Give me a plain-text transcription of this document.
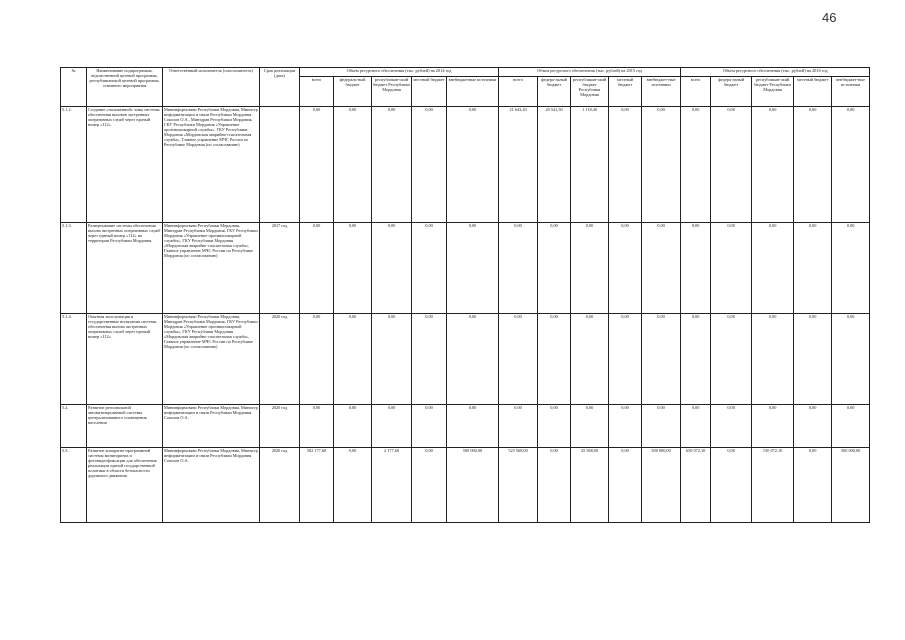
46
№	Наименование подпрограммы, ведомственной целевой программы, республиканской целевой программы, основного мероприятия	Ответственный исполнитель (соисполнитель)	Срок реализации (дата)	Объем ресурсного обеспечения (тыс. рублей) на 2014 год					Объем ресурсного обеспечения (тыс. рублей) на 2015 год					Объем ресурсного обеспечения (тыс. рублей) на 2016 год				
				всего	федераль-ный бюджет	республикан-ский бюджет Республики Мордовия	местный бюджет	внебюджетные источники	всего	федера-льный бюджет	республикан-ский бюджет Республики Мордовия	местный бюджет	внебюджет-ные источники	всего	федера-льный бюджет	республикан-ский бюджет Республики Мордовия	местный бюджет	внебюджет-ные источники
5.1.2.	Создание «наложенной» зоны системы обеспечения вызовов экстренных оперативных служб через единый номер «112»	Мининформсвязи Республики Мордовия, Министр информатизации и связи Республики Мордовия Соколов О.А., Минздрав Республики Мордовия, ГКУ Республики Мордовия «Управление противопожарной службы», ГКУ Республики Мордовия «Мордовская аварийно-спасательная служба», Главное управление МЧС России по Республике Мордовия (по согласованию)		0,00	0,00	0,00	0,00	0,00	21 643,20	20 541,30	1 118,40	0,00	0,00	0,00	0,00	0,00	0,00	0,00
5.1.3.	Развертывание системы обеспечения вызова экстренных оперативных служб через единый номер «112» на территории Республики Мордовия	Мининформсвязи Республики Мордовия, Минздрав Республики Мордовия, ГКУ Республики Мордовия «Управление противопожарной службы», ГКУ Республики Мордовия «Мордовская аварийно-спасательная служба», Главное управление МЧС России по Республике Мордовия (по согласованию)	2017 год	0,00	0,00	0,00	0,00	0,00	0,00	0,00	0,00	0,00	0,00	0,00	0,00	0,00	0,00	0,00
5.1.4.	Опытная эксплуатация и государственные испытания системы обеспечения вызова экстренных оперативных служб через единый номер «112»	Мининформсвязи Республики Мордовия, Минздрав Республики Мордовия, ГКУ Республики Мордовия «Управление противопожарной службы», ГКУ Республики Мордовия «Мордовская аварийно-спасательная служба», Главное управление МЧС России по Республике Мордовия (по согласованию)	2020 год	0,00	0,00	0,00	0,00	0,00	0,00	0,00	0,00	0,00	0,00	0,00	0,00	0,00	0,00	0,00
5.2.	Развитие региональной автоматизированной системы централизованного оповещения населения	Мининформсвязи Республики Мордовия, Министр информатизации и связи Республики Мордовия Соколов О.А.	2020 год	0,00	0,00	0,00	0,00	0,00	0,00	0,00	0,00	0,00	0,00	0,00	0,00	0,00	0,00	0,00
5.3.	Развитие аппаратно-программной системы мониторинга и фотовидеофиксации для обеспечения реализации единой государственной политики в области безопасности дорожного движения	Мининформсвязи Республики Мордовия, Министр информатизации и связи Республики Мордовия Соколов О.А.	2020 год	502 177,60	0,00	2 177,60	0,00	500 000,00	525 568,00	0,00	25 568,00	0,00	500 000,00	650 072,10	0,00	150 072,10	0,00	500 000,00
